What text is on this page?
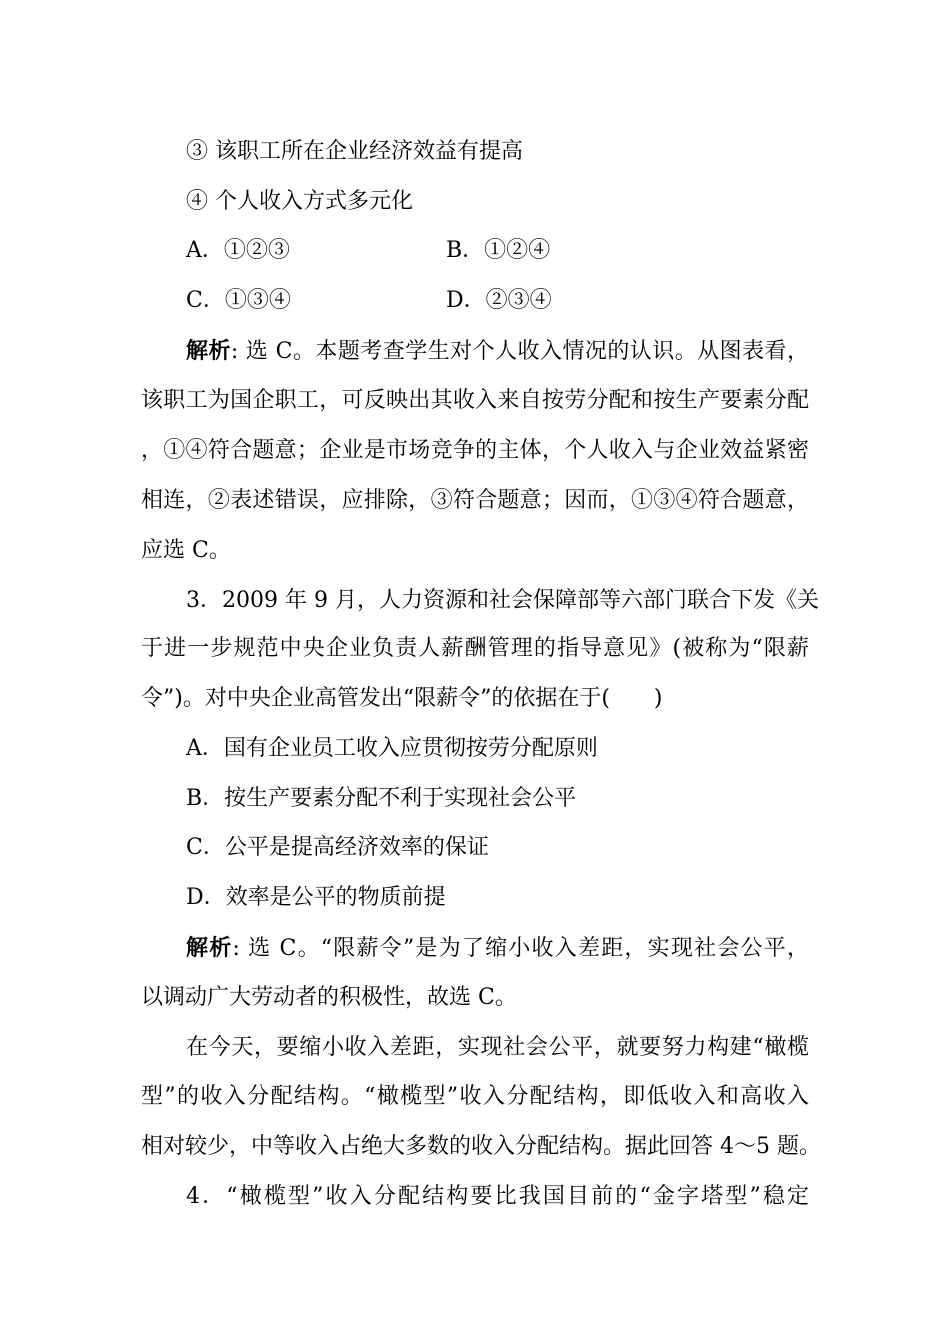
③ 该职工所在企业经济效益有提高
④ 个人收入方式多元化
A．①②③	B．①②④
C．①③④	D．②③④
解析: 选 C。本题考查学生对个人收入情况的认识。从图表看，
该职工为国企职工，可反映出其收入来自按劳分配和按生产要素分配
，①④符合题意；企业是市场竞争的主体，个人收入与企业效益紧密
相连，②表述错误，应排除，③符合题意；因而，①③④符合题意，
应选 C。
3．2009 年 9 月，人力资源和社会保障部等六部门联合下发《关
于进一步规范中央企业负责人薪酬管理的指导意见》(被称为“限薪
令”)。对中央企业高管发出“限薪令”的依据在于(　　)
A．国有企业员工收入应贯彻按劳分配原则
B．按生产要素分配不利于实现社会公平
C．公平是提高经济效率的保证
D．效率是公平的物质前提
解析: 选 C。“限薪令”是为了缩小收入差距，实现社会公平，
以调动广大劳动者的积极性，故选 C。
在今天，要缩小收入差距，实现社会公平，就要努力构建“橄榄
型”的收入分配结构。“橄榄型”收入分配结构，即低收入和高收入
相对较少，中等收入占绝大多数的收入分配结构。据此回答 4～5 题。
4．“橄榄型”收入分配结构要比我国目前的“金字塔型”稳定
